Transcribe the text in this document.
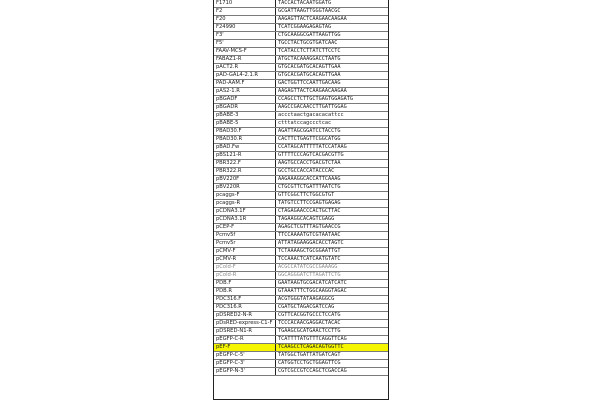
F1710	TACCACTACAATGGATG
F2	GCGATTAAGTTGGGTAACGC
F20	AAGAGTTACTCAAGAACAAGAA
F24990	TCATCGGAAGAGAGTAG
F3'	CTGCAAGGCGATTAAGTTGG
F5'	TGCCTACTGCGTGATCAAC
FAAV-MCS-F	TCATACCTCTTATCTTCCTC
FABAZ1-R	ATGCTACAAAGGACCTAATG
pACT2.R	GTGCACGATGCACAGTTGAA
pAD-GAL4-2.1.R	GTGCACGATGCACAGTTGAA
PAD-AAM.F	GACTGGTTCCAATTGACAAG
pAS2-1.R	AAGAGTTACTCAAGAACAAGAA
pBGADF	CCAGCCTCTTGCTGAGTGGAGATG
pBGADR	AAGCCGACAACCTTGATTGGAG
pBABE-3	accctaactgacacacattcc
pBABE-5	ctttatccagccctcac
PBAD30.F	AGATTAGCGGATCCTACCTG
PBAD30.R	CACTTCTGAGTTCGGCATGG
pBAD.Fw	CCATAGCATTTTTATCCATAAG
pBS121-R	GTTTTCCCAGTCACGACGTTG
PBR322.F	AAGTGCCACCTGACGTCTAA
PBR322.R	GCCTGCCACCATACCCAC
pBV220F	AAGAAAGGCACCATTCAAAG
pBV220R	CTGCGTTCTGATTTAATCTG
pcaggs-F	GTTCGGCTTCTGGCGTGT
pcaggs-R	TATGTCCTTCCGAGTGAGAG
pCDNA3.1F	CTAGAGAACCCACTGCTTAC
pCDNA3.1R	TAGAAGGCACAGTCGAGG
pCEP-F	AGAGCTCGTTTAGTGAACCG
Pcmv5f	TTCCAAAATGTCGTAATAAC
Pcmv5r	ATTATAGAAGGACACCTAGTC
pCMV-F	TCTAAAAGCTGCGGAATTGT
pCMV-R	TCCAAACTCATCAATGTATC
pCold-F	ACGCCATATCGCCGAAAGG
pCold-R	GGCAGGGATCTTAGATTCTG
PDB.F	GAATAAGTGCGACATCATCATC
PDB.R	GTAAATTTCTGGCAAGGTAGAC
PDC316.F	ACGTGGGTATAAGAGGCG
PDC316.R	CGATGCTAGACGATCCAG
pDSRED2-N-R	CGTTCACGGTGCCCTCCATG
pDsRED-express-C1-F	TCCCACAACGAGGACTACAC
pDSRED-N1-R	TGAAGCGCATGAACTCCTTG
pEGFP-C-R	TCATTTTATGTTTCAGGTTCAG
pEF-F	TCAAGCCTCAGACAGTGGTTC
pEGFP-C-5'	TATGGCTGATTATGATCAGT
pEGFP-C-3'	CATGGTCCTGCTGGAGTTCG
pEGFP-N-3'	CGTCGCCGTCCAGCTCGACCAG
